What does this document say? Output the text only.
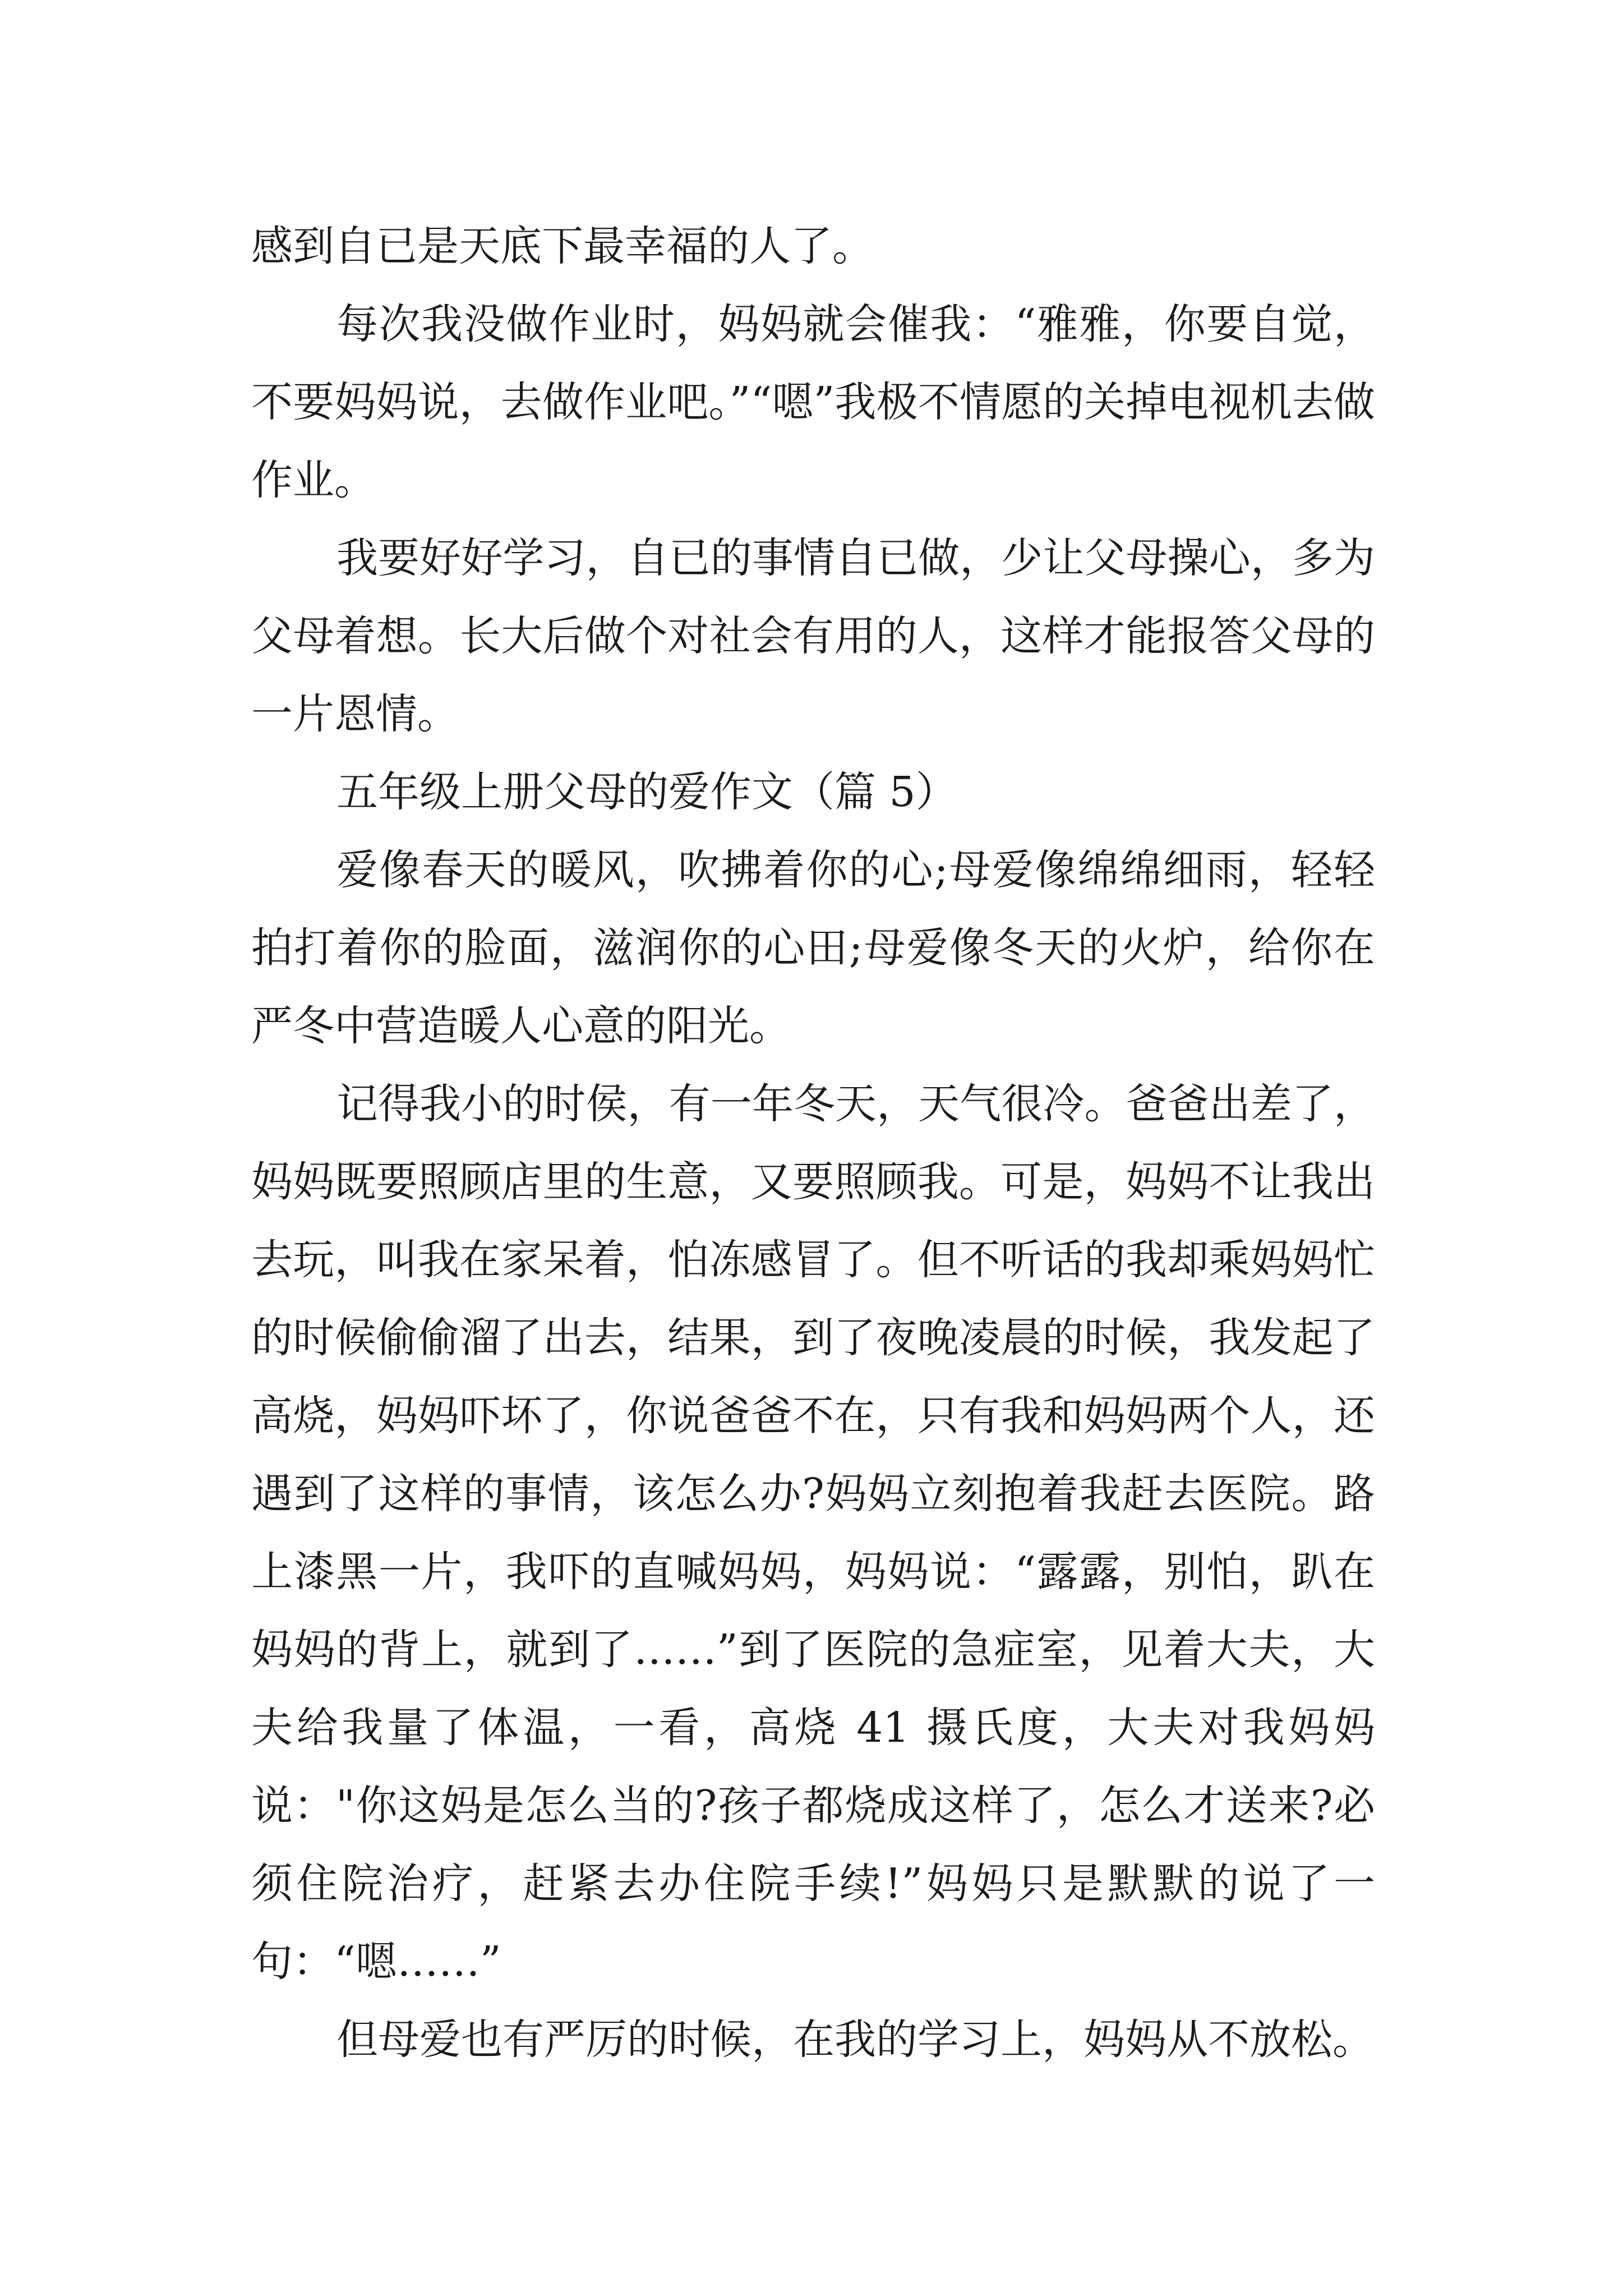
感到自已是天底下最幸福的人了。

每次我没做作业时，妈妈就会催我：“雅雅，你要自觉，不要妈妈说，去做作业吧。”“嗯”我极不情愿的关掉电视机去做作业。

我要好好学习，自已的事情自已做，少让父母操心，多为父母着想。长大后做个对社会有用的人，这样才能报答父母的一片恩情。

五年级上册父母的爱作文（篇 5）

爱像春天的暖风，吹拂着你的心;母爱像绵绵细雨，轻轻拍打着你的脸面，滋润你的心田;母爱像冬天的火炉，给你在严冬中营造暖人心意的阳光。

记得我小的时侯，有一年冬天，天气很冷。爸爸出差了，妈妈既要照顾店里的生意，又要照顾我。可是，妈妈不让我出去玩，叫我在家呆着，怕冻感冒了。但不听话的我却乘妈妈忙的时候偷偷溜了出去，结果，到了夜晚凌晨的时候，我发起了高烧，妈妈吓坏了，你说爸爸不在，只有我和妈妈两个人，还遇到了这样的事情，该怎么办?妈妈立刻抱着我赶去医院。路上漆黑一片，我吓的直喊妈妈，妈妈说：“露露，别怕，趴在妈妈的背上，就到了……”到了医院的急症室，见着大夫，大夫给我量了体温，一看，高烧 41 摄氏度，大夫对我妈妈说："你这妈是怎么当的?孩子都烧成这样了，怎么才送来?必须住院治疗，赶紧去办住院手续!”妈妈只是默默的说了一句：“嗯……”

但母爱也有严厉的时候，在我的学习上，妈妈从不放松。
